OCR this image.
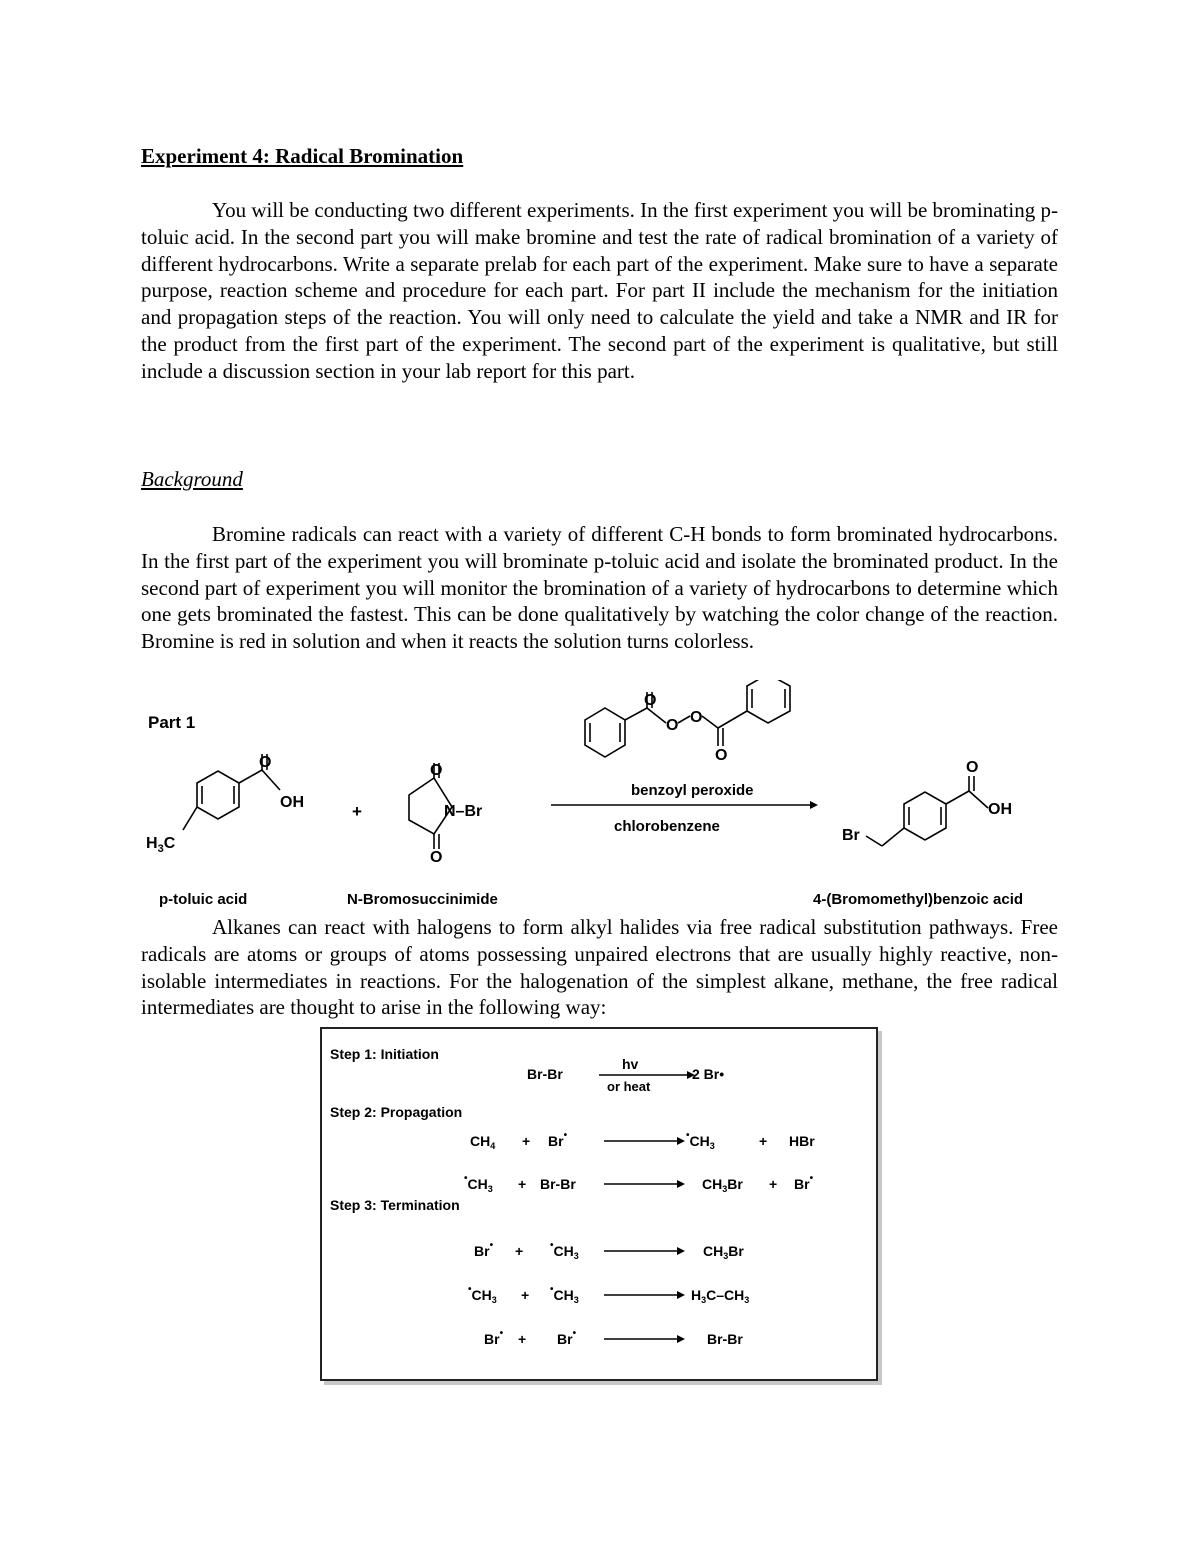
Experiment 4: Radical Bromination
You will be conducting two different experiments. In the first experiment you will be brominating p-toluic acid. In the second part you will make bromine and test the rate of radical bromination of a variety of different hydrocarbons. Write a separate prelab for each part of the experiment. Make sure to have a separate purpose, reaction scheme and procedure for each part. For part II include the mechanism for the initiation and propagation steps of the reaction. You will only need to calculate the yield and take a NMR and IR for the product from the first part of the experiment. The second part of the experiment is qualitative, but still include a discussion section in your lab report for this part.
Background
Bromine radicals can react with a variety of different C-H bonds to form brominated hydrocarbons. In the first part of the experiment you will brominate p-toluic acid and isolate the brominated product. In the second part of experiment you will monitor the bromination of a variety of hydrocarbons to determine which one gets brominated the fastest. This can be done qualitatively by watching the color change of the reaction. Bromine is red in solution and when it reacts the solution turns colorless.
Part 1
O
OH
$H_3C$
+
O
N–Br
O
O
O O
O
benzoyl peroxide
chlorobenzene
O
OH
Br
p-toluic acid	N-Bromosuccinimide	4-(Bromomethyl)benzoic acid
Alkanes can react with halogens to form alkyl halides via free radical substitution pathways. Free radicals are atoms or groups of atoms possessing unpaired electrons that are usually highly reactive, non-isolable intermediates in reactions. For the halogenation of the simplest alkane, methane, the free radical intermediates are thought to arise in the following way:
Step 1: Initiation
Br-Br
hv
or heat
2 Br•
Step 2: Propagation
$CH_4 + Br^•$	$^•CH_3$	+ HBr
$^•CH_3 + Br-Br$	$CH_3Br + Br^•$
Step 3: Termination
Br• +	$^•CH_3$	$CH_3Br$
$^•CH_3 + ^•CH_3$	$H_3C-CH_3$
Br• + Br•	Br-Br
